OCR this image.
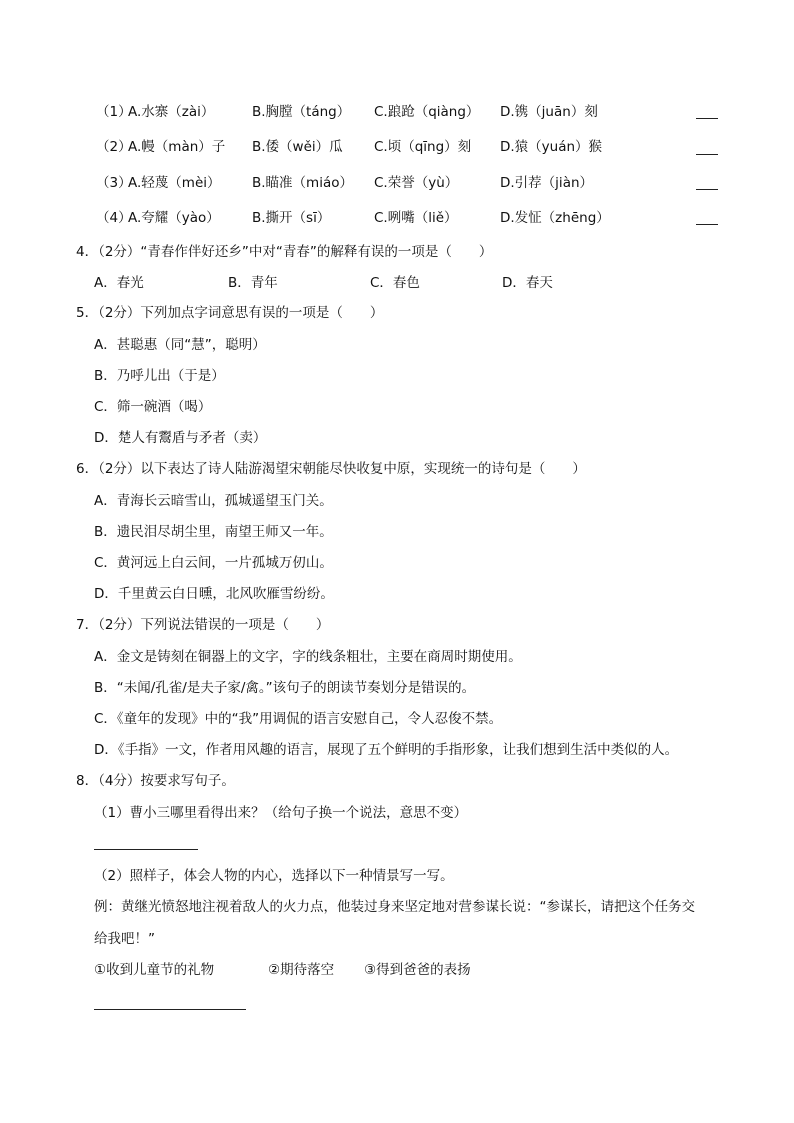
（1）
A.水寨（zài）	B.胸膛（táng） C.踉跄（qiàng） D.镌（juān）刻
（2）
A.幔（màn）子 B.倭（wěi）瓜 C.顷（qīng）刻 D.猿（yuán）猴
（3）
A.轻蔑（mèi） B.瞄准（miáo） C.荣誉（yù）	D.引荐（jiàn）
（4）
A.夸耀（yào） B.撕开（sī）	C.咧嘴（liě）	D.发怔（zhēng）
4．（2分）“青春作伴好还乡”中对“青春”的解释有误的一项是（　　）
A．春光	B．青年	C．春色	D．春天
5．（2分）下列加点字词意思有误的一项是（　　）
A．甚聪惠（同“慧”，聪明）
B．乃呼儿出（于是）
C．筛一碗酒（喝）
D．楚人有鬻盾与矛者（卖）
6．（2分）以下表达了诗人陆游渴望宋朝能尽快收复中原，实现统一的诗句是（　　）
A．青海长云暗雪山，孤城遥望玉门关。
B．遗民泪尽胡尘里，南望王师又一年。
C．黄河远上白云间，一片孤城万仞山。
D．千里黄云白日曛，北风吹雁雪纷纷。
7．（2分）下列说法错误的一项是（　　）
A．金文是铸刻在铜器上的文字，字的线条粗壮，主要在商周时期使用。
B．“未闻/孔雀/是夫子家/禽。”该句子的朗读节奏划分是错误的。
C．《童年的发现》中的“我”用调侃的语言安慰自己，令人忍俊不禁。
D．《手指》一文，作者用风趣的语言，展现了五个鲜明的手指形象，让我们想到生活中类似的人。
8．（4分）按要求写句子。
（1）曹小三哪里看得出来？（给句子换一个说法，意思不变）
（2）照样子，体会人物的内心，选择以下一种情景写一写。
例：黄继光愤怒地注视着敌人的火力点，他装过身来坚定地对营参谋长说：“参谋长，请把这个任务交
给我吧！”
①收到儿童节的礼物	②期待落空 ③得到爸爸的表扬
